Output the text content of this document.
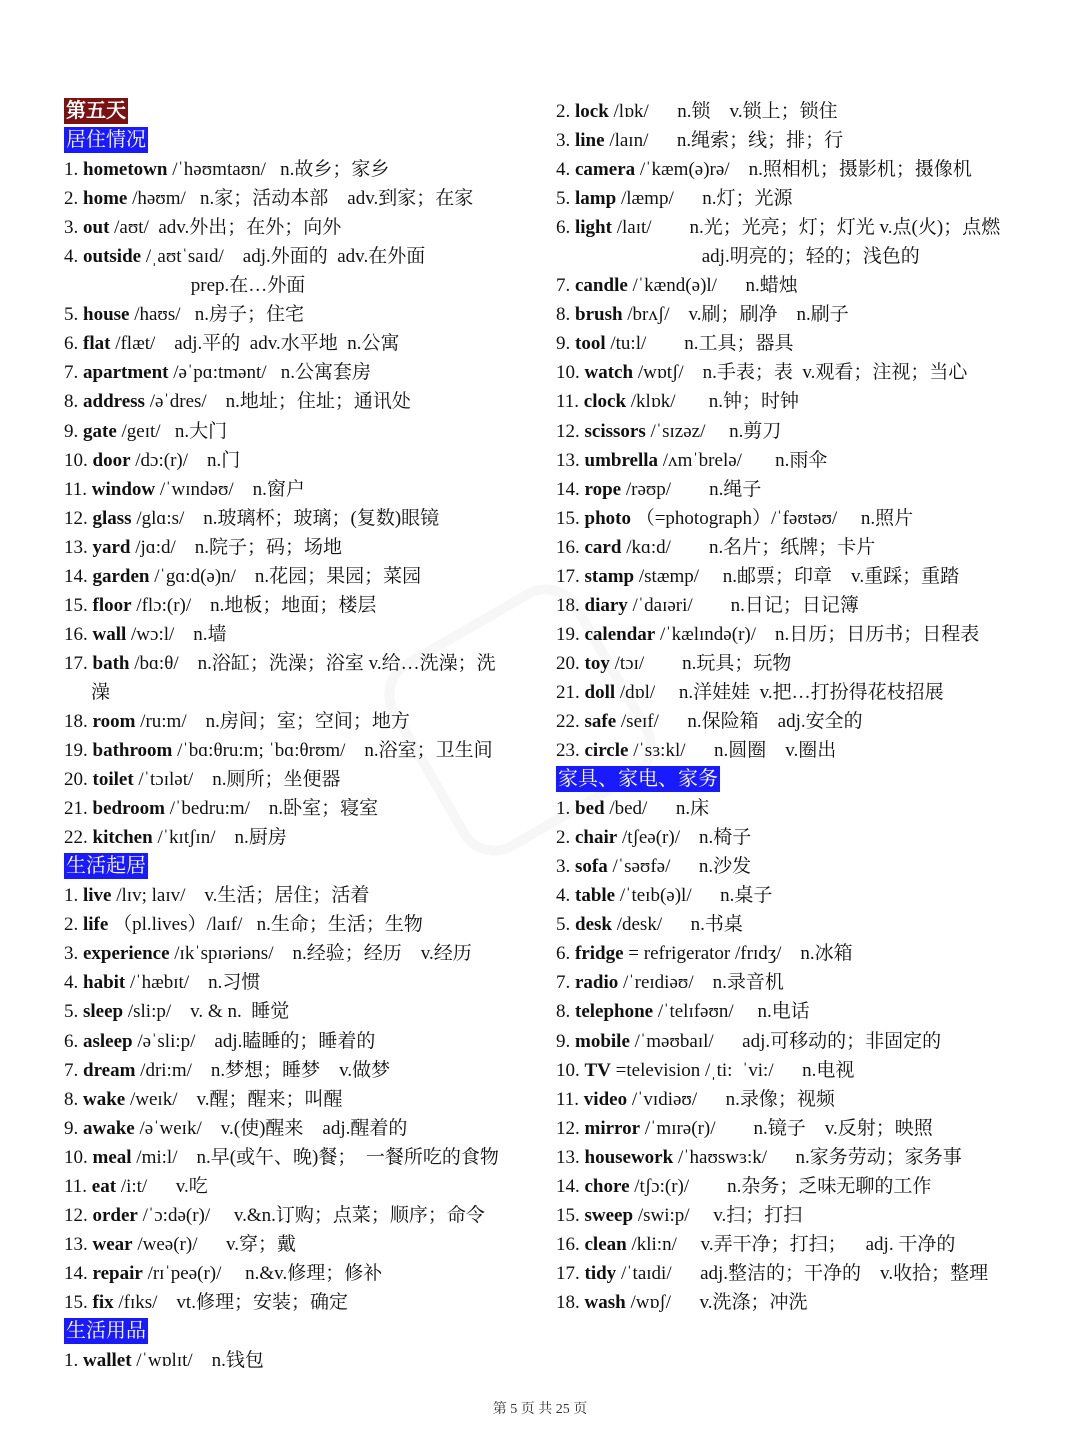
第五天
居住情况
1. hometown /ˈhəʊmtaʊn/   n.故乡；家乡
2. home /həʊm/   n.家；活动本部    adv.到家；在家
3. out /aʊt/  adv.外出；在外；向外
4. outside /ˌaʊtˈsaɪd/    adj.外面的  adv.在外面
prep.在…外面
5. house /haʊs/   n.房子；住宅
6. flat /flæt/    adj.平的  adv.水平地  n.公寓
7. apartment /əˈpɑ:tmənt/   n.公寓套房
8. address /əˈdres/    n.地址；住址；通讯处
9. gate /geɪt/   n.大门
10. door /dɔ:(r)/    n.门
11. window /ˈwɪndəʊ/    n.窗户
12. glass /glɑ:s/    n.玻璃杯；玻璃；(复数)眼镜
13. yard /jɑ:d/    n.院子；码；场地
14. garden /ˈgɑ:d(ə)n/    n.花园；果园；菜园
15. floor /flɔ:(r)/    n.地板；地面；楼层
16. wall /wɔ:l/    n.墙
17. bath /bɑ:θ/    n.浴缸；洗澡；浴室 v.给…洗澡；洗
澡
18. room /ru:m/    n.房间；室；空间；地方
19. bathroom /ˈbɑ:θru:m; ˈbɑ:θrʊm/    n.浴室；卫生间
20. toilet /ˈtɔɪlət/    n.厕所；坐便器
21. bedroom /ˈbedru:m/    n.卧室；寝室
22. kitchen /ˈkɪtʃɪn/    n.厨房
生活起居
1. live /lɪv; laɪv/    v.生活；居住；活着
2. life （pl.lives）/laɪf/   n.生命；生活；生物
3. experience /ɪkˈspɪəriəns/    n.经验；经历    v.经历
4. habit /ˈhæbɪt/    n.习惯
5. sleep /sli:p/    v. & n.  睡觉
6. asleep /əˈsli:p/    adj.瞌睡的；睡着的
7. dream /dri:m/    n.梦想；睡梦    v.做梦
8. wake /weɪk/    v.醒；醒来；叫醒
9. awake /əˈweɪk/    v.(使)醒来    adj.醒着的
10. meal /mi:l/    n.早(或午、晚)餐；  一餐所吃的食物
11. eat /i:t/      v.吃
12. order /ˈɔ:də(r)/     v.&n.订购；点菜；顺序；命令
13. wear /weə(r)/      v.穿；戴
14. repair /rɪˈpeə(r)/     n.&v.修理；修补
15. fix /fɪks/    vt.修理；安装；确定
生活用品
1. wallet /ˈwɒlɪt/    n.钱包
2. lock /lɒk/      n.锁    v.锁上；锁住
3. line /laɪn/      n.绳索；线；排；行
4. camera /ˈkæm(ə)rə/    n.照相机；摄影机；摄像机
5. lamp /læmp/      n.灯；光源
6. light /laɪt/        n.光；光亮；灯；灯光 v.点(火)；点燃
adj.明亮的；轻的；浅色的
7. candle /ˈkænd(ə)l/      n.蜡烛
8. brush /brʌʃ/    v.刷；刷净    n.刷子
9. tool /tu:l/        n.工具；器具
10. watch /wɒtʃ/    n.手表；表  v.观看；注视；当心
11. clock /klɒk/       n.钟；时钟
12. scissors /ˈsɪzəz/     n.剪刀
13. umbrella /ʌmˈbrelə/       n.雨伞
14. rope /rəʊp/        n.绳子
15. photo （=photograph）/ˈfəʊtəʊ/     n.照片
16. card /kɑ:d/        n.名片；纸牌；卡片
17. stamp /stæmp/     n.邮票；印章    v.重踩；重踏
18. diary /ˈdaɪəri/        n.日记；日记簿
19. calendar /ˈkælɪndə(r)/    n.日历；日历书；日程表
20. toy /tɔɪ/        n.玩具；玩物
21. doll /dɒl/     n.洋娃娃  v.把…打扮得花枝招展
22. safe /seɪf/      n.保险箱    adj.安全的
23. circle /ˈsɜ:kl/      n.圆圈    v.圈出
家具、家电、家务
1. bed /bed/      n.床
2. chair /tʃeə(r)/    n.椅子
3. sofa /ˈsəʊfə/      n.沙发
4. table /ˈteɪb(ə)l/      n.桌子
5. desk /desk/      n.书桌
6. fridge = refrigerator /frɪdʒ/    n.冰箱
7. radio /ˈreɪdiəʊ/    n.录音机
8. telephone /ˈtelɪfəʊn/     n.电话
9. mobile /ˈməʊbaɪl/      adj.可移动的；非固定的
10. TV =television /ˌti:  ˈvi:/      n.电视
11. video /ˈvɪdiəʊ/      n.录像；视频
12. mirror /ˈmɪrə(r)/        n.镜子    v.反射；映照
13. housework /ˈhaʊswɜ:k/      n.家务劳动；家务事
14. chore /tʃɔ:(r)/        n.杂务；乏味无聊的工作
15. sweep /swi:p/     v.扫；打扫
16. clean /kli:n/     v.弄干净；打扫；    adj. 干净的
17. tidy /ˈtaɪdi/      adj.整洁的；干净的    v.收拾；整理
18. wash /wɒʃ/      v.洗涤；冲洗
第 5 页 共 25 页
